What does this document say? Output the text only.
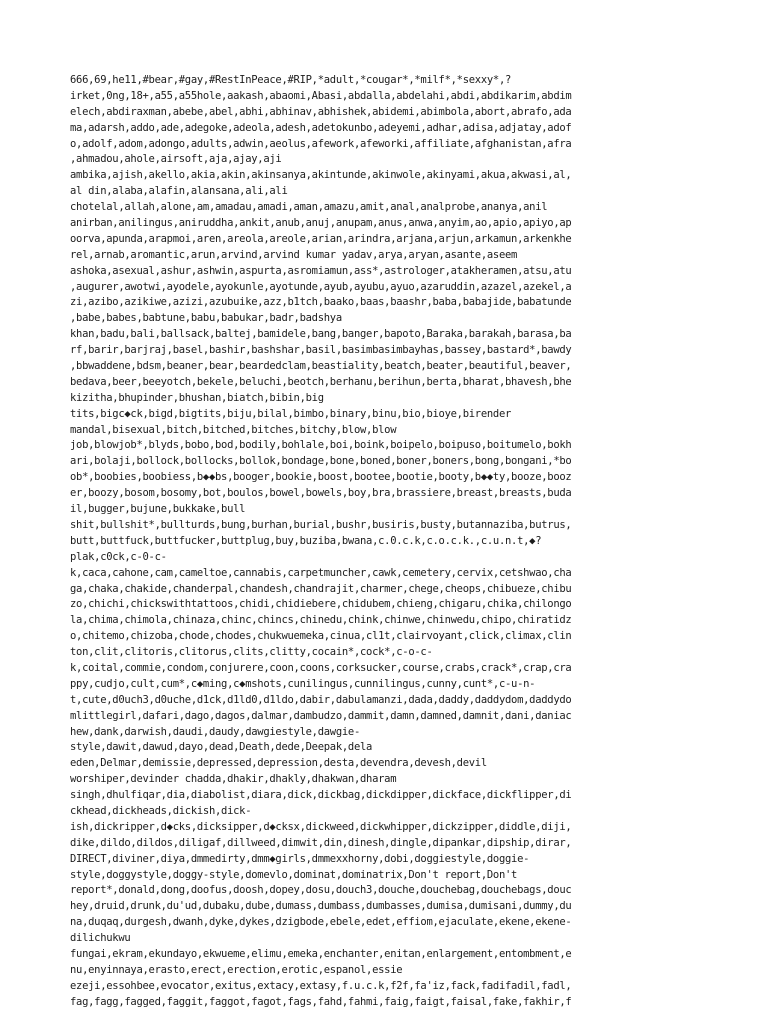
666,69,he11,#bear,#gay,#RestInPeace,#RIP,*adult,*cougar*,*milf*,*sexxy*,?
irket,0ng,18+,a55,a55hole,aakash,abaomi,Abasi,abdalla,abdelahi,abdi,abdikarim,abdim
elech,abdiraxman,abebe,abel,abhi,abhinav,abhishek,abidemi,abimbola,abort,abrafo,ada
ma,adarsh,addo,ade,adegoke,adeola,adesh,adetokunbo,adeyemi,adhar,adisa,adjatay,adof
o,adolf,adom,adongo,adults,adwin,aeolus,afework,afeworki,affiliate,afghanistan,afra
,ahmadou,ahole,airsoft,aja,ajay,aji
ambika,ajish,akello,akia,akin,akinsanya,akintunde,akinwole,akinyami,akua,akwasi,al,
al din,alaba,alafin,alansana,ali,ali
chotelal,allah,alone,am,amadau,amadi,aman,amazu,amit,anal,analprobe,ananya,anil
anirban,anilingus,aniruddha,ankit,anub,anuj,anupam,anus,anwa,anyim,ao,apio,apiyo,ap
oorva,apunda,arapmoi,aren,areola,areole,arian,arindra,arjana,arjun,arkamun,arkenkhe
rel,arnab,aromantic,arun,arvind,arvind kumar yadav,arya,aryan,asante,aseem
ashoka,asexual,ashur,ashwin,aspurta,asromiamun,ass*,astrologer,atakheramen,atsu,atu
,augurer,awotwi,ayodele,ayokunle,ayotunde,ayub,ayubu,ayuo,azaruddin,azazel,azekel,a
zi,azibo,azikiwe,azizi,azubuike,azz,b1tch,baako,baas,baashr,baba,babajide,babatunde
,babe,babes,babtune,babu,babukar,badr,badshya
khan,badu,bali,ballsack,baltej,bamidele,bang,banger,bapoto,Baraka,barakah,barasa,ba
rf,barir,barjraj,basel,bashir,bashshar,basil,basimbasimbayhas,bassey,bastard*,bawdy
,bbwaddene,bdsm,beaner,bear,beardedclam,beastiality,beatch,beater,beautiful,beaver,
bedava,beer,beeyotch,bekele,beluchi,beotch,berhanu,berihun,berta,bharat,bhavesh,bhe
kizitha,bhupinder,bhushan,biatch,bibin,big
tits,bigc◆ck,bigd,bigtits,biju,bilal,bimbo,binary,binu,bio,bioye,birender
mandal,bisexual,bitch,bitched,bitches,bitchy,blow,blow
job,blowjob*,blyds,bobo,bod,bodily,bohlale,boi,boink,boipelo,boipuso,boitumelo,bokh
ari,bolaji,bollock,bollocks,bollok,bondage,bone,boned,boner,boners,bong,bongani,*bo
ob*,boobies,boobiess,b◆◆bs,booger,bookie,boost,bootee,bootie,booty,b◆◆ty,booze,booz
er,boozy,bosom,bosomy,bot,boulos,bowel,bowels,boy,bra,brassiere,breast,breasts,buda
il,bugger,bujune,bukkake,bull
shit,bullshit*,bullturds,bung,burhan,burial,bushr,busiris,busty,butannaziba,butrus,
butt,buttfuck,buttfucker,buttplug,buy,buziba,bwana,c.0.c.k,c.o.c.k.,c.u.n.t,◆?
plak,c0ck,c-0-c-
k,caca,cahone,cam,cameltoe,cannabis,carpetmuncher,cawk,cemetery,cervix,cetshwao,cha
ga,chaka,chakide,chanderpal,chandesh,chandrajit,charmer,chege,cheops,chibueze,chibu
zo,chichi,chickswithtattoos,chidi,chidiebere,chidubem,chieng,chigaru,chika,chilongo
la,chima,chimola,chinaza,chinc,chincs,chinedu,chink,chinwe,chinwedu,chipo,chiratidz
o,chitemo,chizoba,chode,chodes,chukwuemeka,cinua,cl1t,clairvoyant,click,climax,clin
ton,clit,clitoris,clitorus,clits,clitty,cocain*,cock*,c-o-c-
k,coital,commie,condom,conjurere,coon,coons,corksucker,course,crabs,crack*,crap,cra
ppy,cudjo,cult,cum*,c◆ming,c◆mshots,cunilingus,cunnilingus,cunny,cunt*,c-u-n-
t,cute,d0uch3,d0uche,d1ck,d1ld0,d1ldo,dabir,dabulamanzi,dada,daddy,daddydom,daddydo
mlittlegirl,dafari,dago,dagos,dalmar,dambudzo,dammit,damn,damned,damnit,dani,daniac
hew,dank,darwish,daudi,daudy,dawgiestyle,dawgie-
style,dawit,dawud,dayo,dead,Death,dede,Deepak,dela
eden,Delmar,demissie,depressed,depression,desta,devendra,devesh,devil
worshiper,devinder chadda,dhakir,dhakly,dhakwan,dharam
singh,dhulfiqar,dia,diabolist,diara,dick,dickbag,dickdipper,dickface,dickflipper,di
ckhead,dickheads,dickish,dick-
ish,dickripper,d◆cks,dicksipper,d◆cksx,dickweed,dickwhipper,dickzipper,diddle,diji,
dike,dildo,dildos,diligaf,dillweed,dimwit,din,dinesh,dingle,dipankar,dipship,dirar,
DIRECT,diviner,diya,dmmedirty,dmm◆girls,dmmexxhorny,dobi,doggiestyle,doggie-
style,doggystyle,doggy-style,domevlo,dominat,dominatrix,Don't report,Don't
report*,donald,dong,doofus,doosh,dopey,dosu,douch3,douche,douchebag,douchebags,douc
hey,druid,drunk,du'ud,dubaku,dube,dumass,dumbass,dumbasses,dumisa,dumisani,dummy,du
na,duqaq,durgesh,dwanh,dyke,dykes,dzigbode,ebele,edet,effiom,ejaculate,ekene,ekene-
dilichukwu
fungai,ekram,ekundayo,ekwueme,elimu,emeka,enchanter,enitan,enlargement,entombment,e
nu,enyinnaya,erasto,erect,erection,erotic,espanol,essie
ezeji,essohbee,evocator,exitus,extacy,extasy,f.u.c.k,f2f,fa'iz,fack,fadifadil,fadl,
fag,fagg,fagged,faggit,faggot,fagot,fags,fahd,fahmi,faig,faigt,faisal,fake,fakhir,f
